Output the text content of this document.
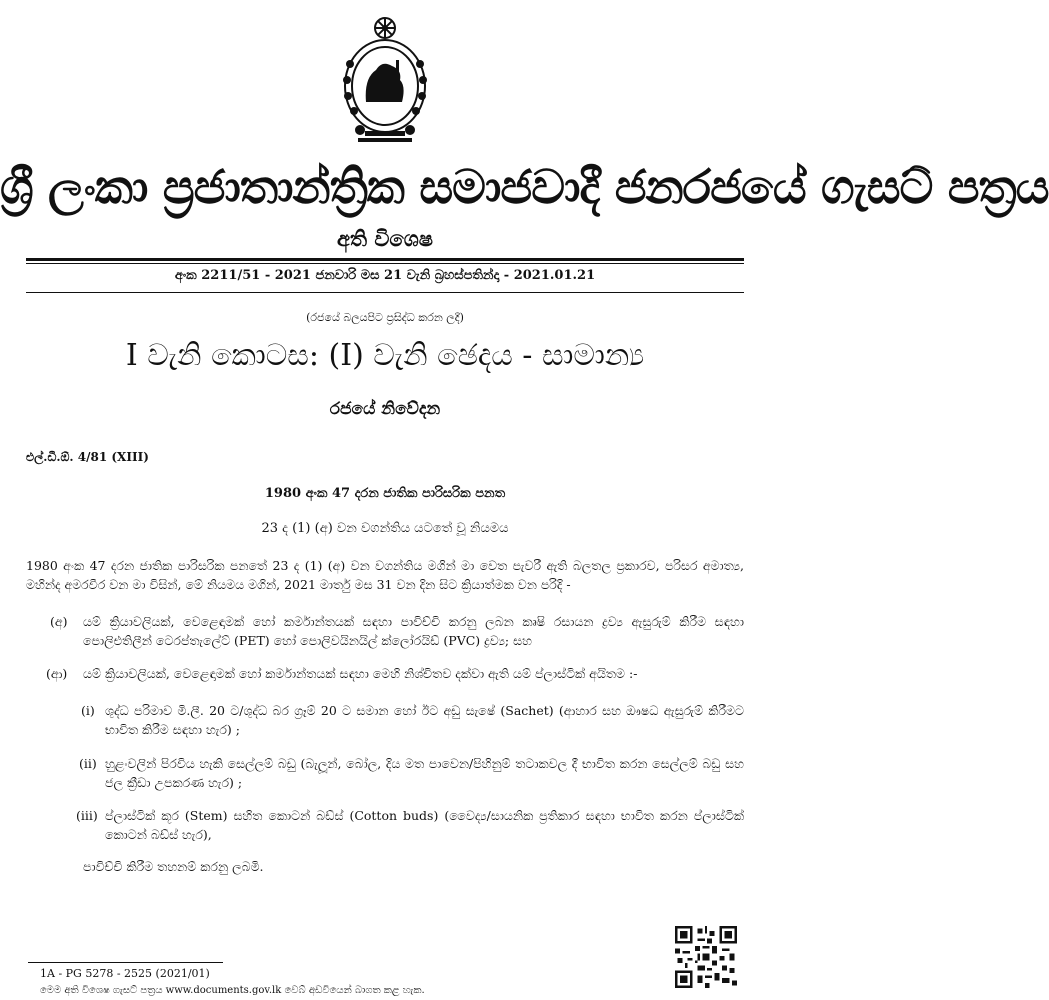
ශ්‍රී ලංකා ප්‍රජාතාන්ත්‍රික සමාජවාදී ජනරජයේ ගැසට් පත්‍රය
අති විශෙෂ
අංක 2211/51 - 2021 ජනවාරි මස 21 වැනි බ්‍රහස්පතින්දා - 2021.01.21
(රජයේ බලයපිට ප්‍රසිද්ධ කරන ලදී)
I වැනි කොටස: (I) වැනි ඡෙදය - සාමාන්‍ය
රජයේ නිවේදන
එල්.ඩී.ඕ. 4/81 (XIII)
1980 අංක 47 දරන ජාතික පාරිසරික පනත
23 ද (1) (අ) වන වගන්තිය යටතේ වූ නියමය
1980 අංක 47 දරන ජාතික පාරිසරික පනතේ 23 ද (1) (අ) වන වගන්තිය මගින් මා වෙත පැවරී ඇති බලතල ප්‍රකාරව, පරිසර අමාත්‍ය, මහින්ද අමරවීර වන මා විසින්, මේ නියමය මගින්, 2021 මාර්තු මස 31 වන දින සිට ක්‍රියාත්මක වන පරිදි -
(අ) යම් ක්‍රියාවලියක්, වෙළෙඳාමක් හෝ කර්මාන්තයක් සඳහා පාවිච්චි කරනු ලබන කෘෂි රසායන ද්‍රව්‍ය ඇසුරුම් කිරීම සඳහා පොලිඑතිලීන් ටෙරප්තැලේට් (PET) හෝ පොලිවයිනයිල් ක්ලෝරයිඩ් (PVC) ද්‍රව්‍ය; සහ
(ආ) යම් ක්‍රියාවලියක්, වෙළෙඳාමක් හෝ කර්මාන්තයක් සඳහා මෙහි නිශ්චිතව දක්වා ඇති යම් ප්ලාස්ටික් අයිතම :-
(i) ශුද්ධ පරිමාව මි.ලී. 20 ට/ශුද්ධ බර ග්‍රෑම් 20 ට සමාන හෝ ඊට අඩු සැෂේ (Sachet) (ආහාර සහ ඖෂධ ඇසුරුම් කිරීමට භාවිත කිරීම සඳහා හැර) ;
(ii) හුළංවලින් පිරවිය හැකි සෙල්ලම් බඩු (බැලූන්, බෝල, දිය මත පාවෙන/පිහිනුම් තටාකවල දී භාවිත කරන සෙල්ලම් බඩු සහ ජල ක්‍රීඩා උපකරණ හැර) ;
(iii) ප්ලාස්ටික් කූර (Stem) සහිත කොටන් බඩ්ස් (Cotton buds) (වෛද්‍ය/සායනික ප්‍රතිකාර සඳහා භාවිත කරන ප්ලාස්ටික් කොටන් බඩ්ස් හැර),
පාවිච්චි කිරීම තහනම් කරනු ලබමි.
1A - PG 5278 - 2525 (2021/01)
මෙම අති විශෙෂ ගැසට් පත්‍රය www.documents.gov.lk වෙබ් අඩවියෙන් බාගත කළ හැක.
